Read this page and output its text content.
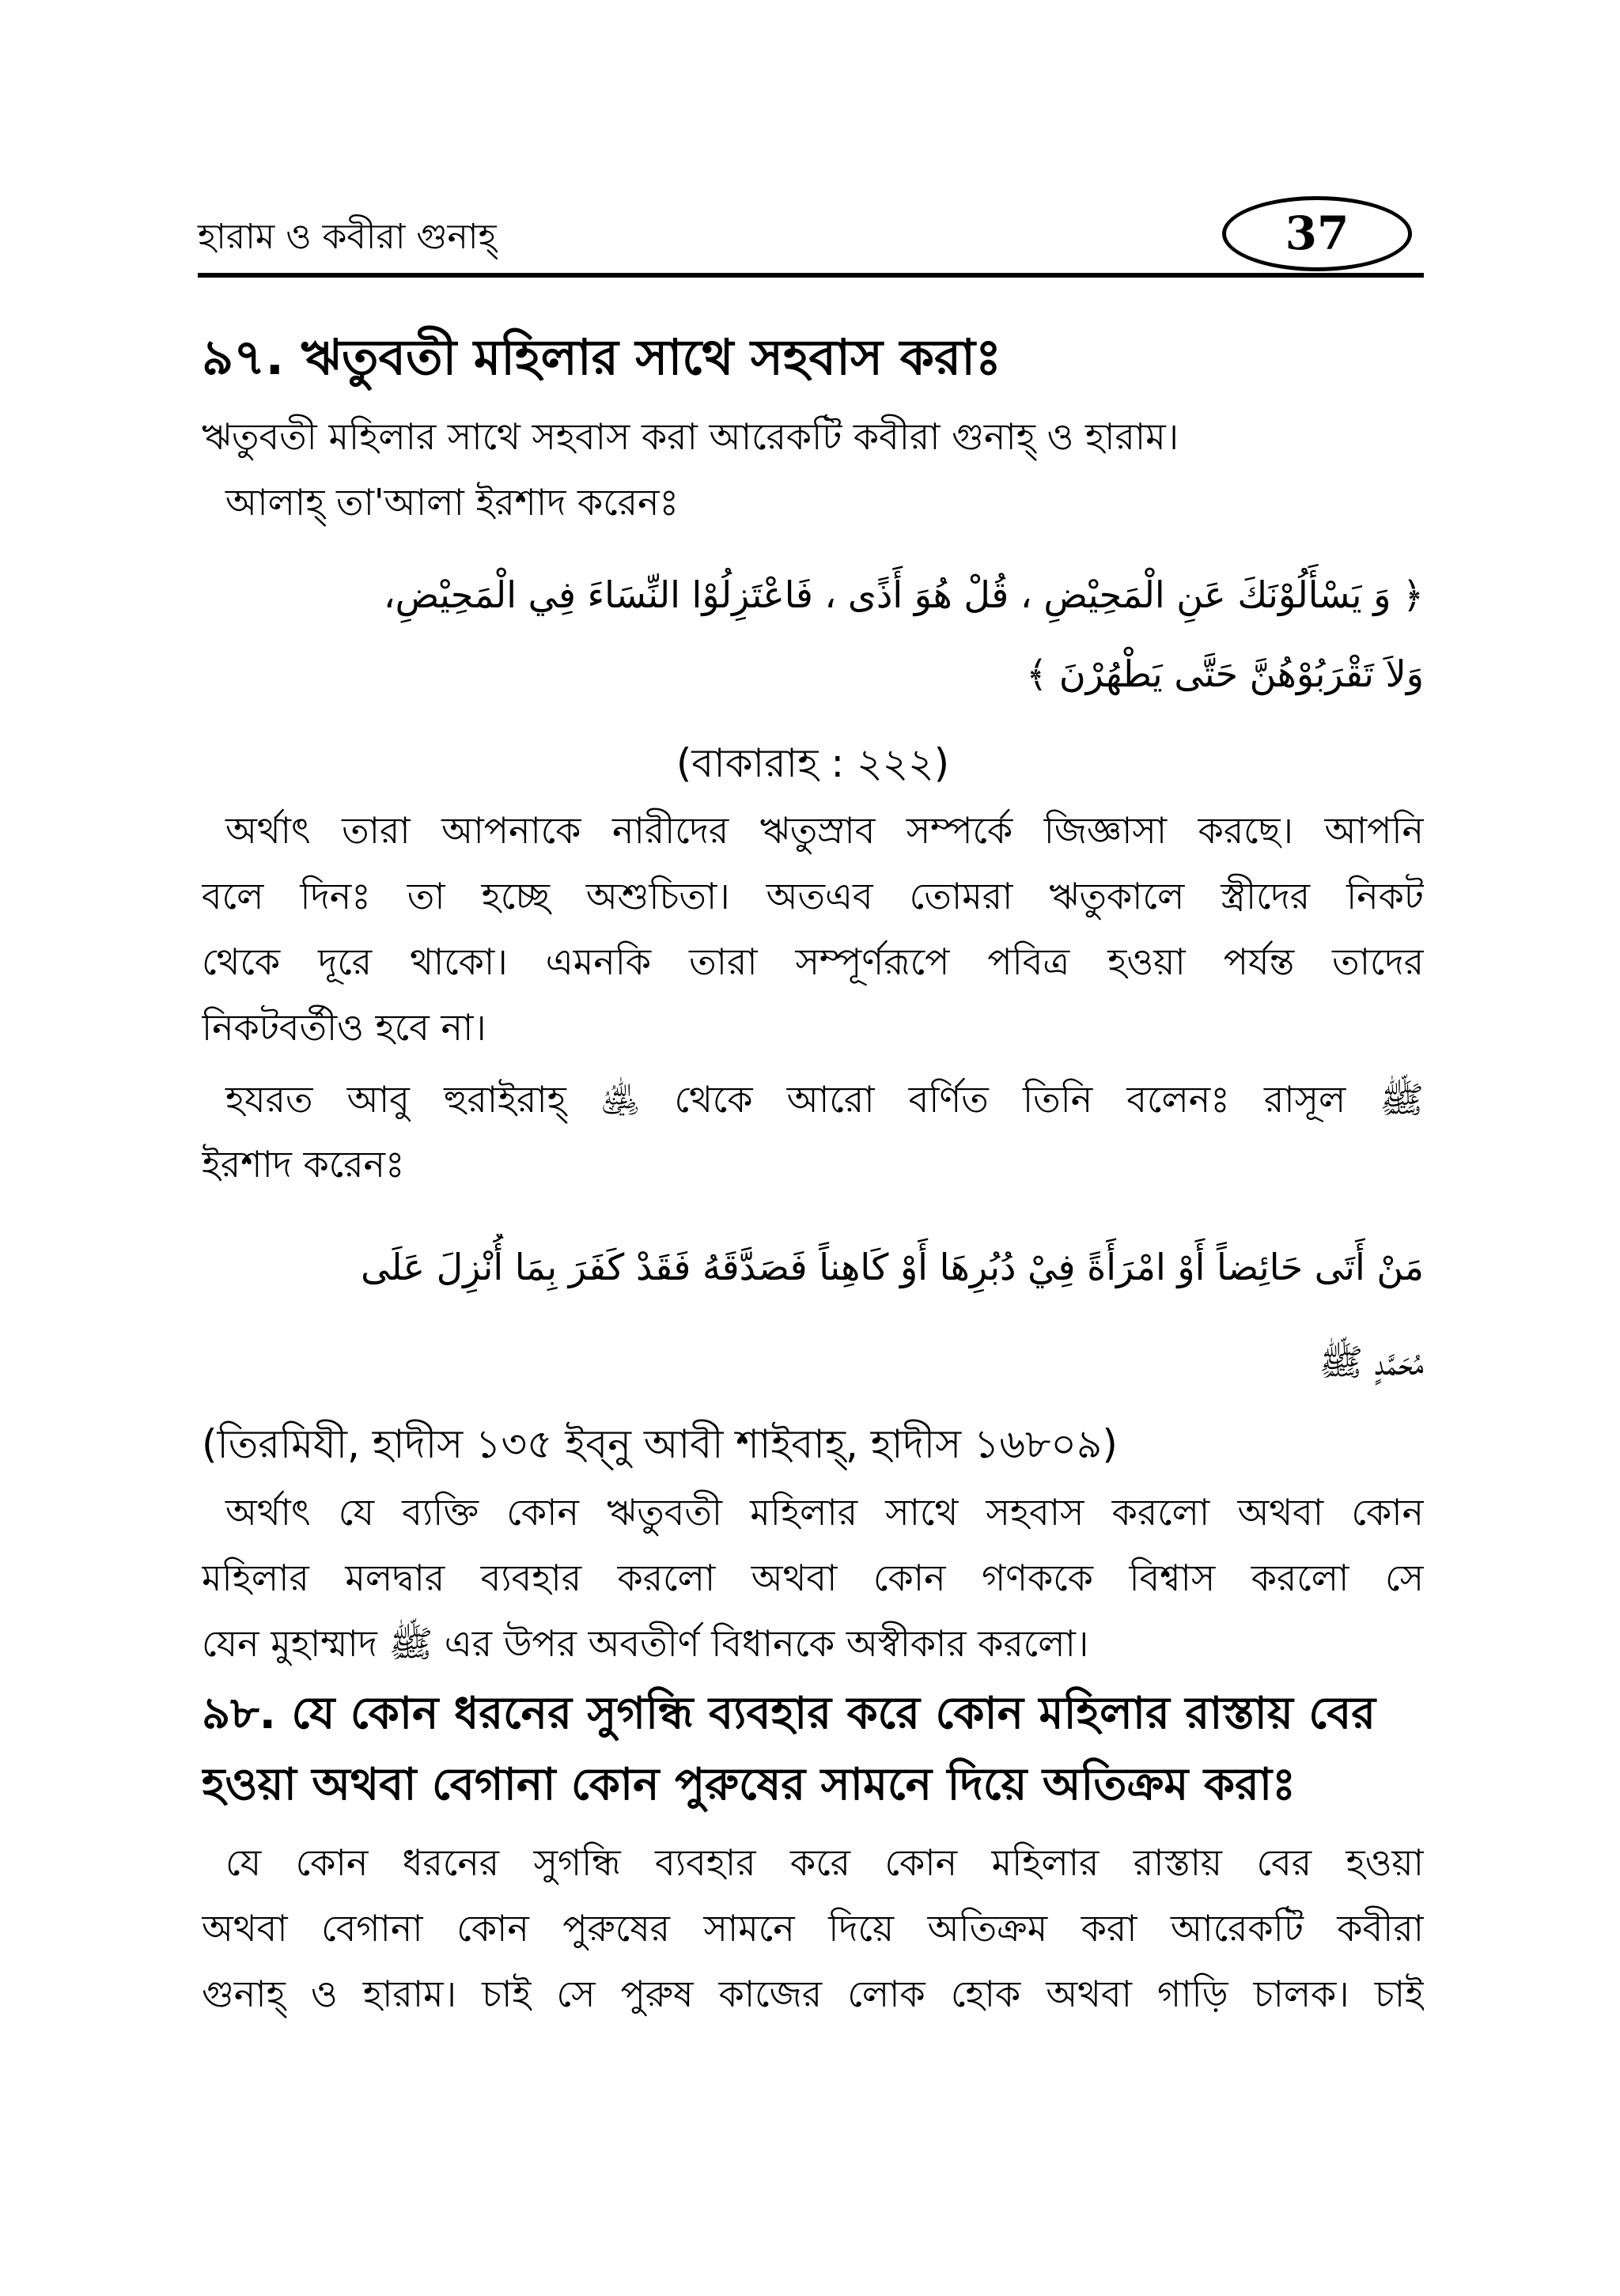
হারাম ও কবীরা গুনাহ্‌	37
৯৭. ঋতুবতী মহিলার সাথে সহবাস করাঃ
ঋতুবতী মহিলার সাথে সহবাস করা আরেকটি কবীরা গুনাহ্‌ ও হারাম।
আলাহ্‌ তা'আলা ইরশাদ করেনঃ
﴿ وَ يَسْأَلُوْنَكَ عَنِ الْمَحِيْضِ ، قُلْ هُوَ أَذًى ، فَاعْتَزِلُوْا النِّسَاءَ فِي الْمَحِيْضِ،
وَلاَ تَقْرَبُوْهُنَّ حَتَّى يَطْهُرْنَ ﴾
(বাকারাহ : ২২২)
অর্থাৎ তারা আপনাকে নারীদের ঋতুস্রাব সম্পর্কে জিজ্ঞাসা করছে। আপনি
বলে দিনঃ তা হচ্ছে অশুচিতা। অতএব তোমরা ঋতুকালে স্ত্রীদের নিকট
থেকে দূরে থাকো। এমনকি তারা সম্পূর্ণরূপে পবিত্র হওয়া পর্যন্ত তাদের
নিকটবর্তীও হবে না।
হযরত আবু হুরাইরাহ্‌ ﵁ থেকে আরো বর্ণিত তিনি বলেনঃ রাসূল ﷺ
ইরশাদ করেনঃ
مَنْ أَتَى حَائِضاً أَوْ امْرَأَةً فِيْ دُبُرِهَا أَوْ كَاهِناً فَصَدَّقَهُ فَقَدْ كَفَرَ بِمَا أُنْزِلَ عَلَى
مُحَمَّدٍ ﷺ
(তিরমিযী, হাদীস ১৩৫ ইব্‌নু আবী শাইবাহ্‌, হাদীস ১৬৮০৯)
অর্থাৎ যে ব্যক্তি কোন ঋতুবতী মহিলার সাথে সহবাস করলো অথবা কোন
মহিলার মলদ্বার ব্যবহার করলো অথবা কোন গণককে বিশ্বাস করলো সে
যেন মুহাম্মাদ ﷺ এর উপর অবতীর্ণ বিধানকে অস্বীকার করলো।
৯৮. যে কোন ধরনের সুগন্ধি ব্যবহার করে কোন মহিলার রাস্তায় বের
হওয়া অথবা বেগানা কোন পুরুষের সামনে দিয়ে অতিক্রম করাঃ
যে কোন ধরনের সুগন্ধি ব্যবহার করে কোন মহিলার রাস্তায় বের হওয়া
অথবা বেগানা কোন পুরুষের সামনে দিয়ে অতিক্রম করা আরেকটি কবীরা
গুনাহ্‌ ও হারাম। চাই সে পুরুষ কাজের লোক হোক অথবা গাড়ি চালক। চাই
